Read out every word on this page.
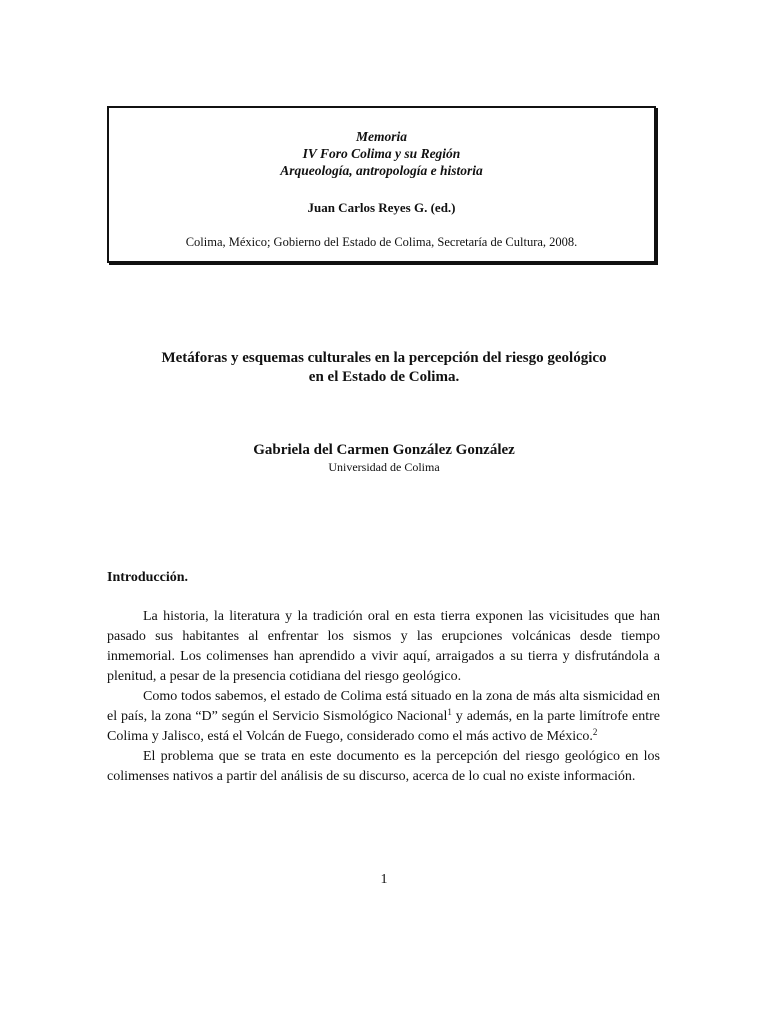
Memoria
IV Foro Colima y su Región
Arqueología, antropología e historia
Juan Carlos Reyes G. (ed.)
Colima, México; Gobierno del Estado de Colima, Secretaría de Cultura, 2008.
Metáforas y esquemas culturales en la percepción del riesgo geológico
en el Estado de Colima.
Gabriela del Carmen González González
Universidad de Colima
Introducción.

La historia, la literatura y la tradición oral en esta tierra exponen las vicisitudes que han pasado sus habitantes al enfrentar los sismos y las erupciones volcánicas desde tiempo inmemorial. Los colimenses han aprendido a vivir aquí, arraigados a su tierra y disfrutándola a plenitud, a pesar de la presencia cotidiana del riesgo geológico.

Como todos sabemos, el estado de Colima está situado en la zona de más alta sismicidad en el país, la zona “D” según el Servicio Sismológico Nacional$^1$ y además, en la parte limítrofe entre Colima y Jalisco, está el Volcán de Fuego, considerado como el más activo de México.$^2$

El problema que se trata en este documento es la percepción del riesgo geológico en los colimenses nativos a partir del análisis de su discurso, acerca de lo cual no existe información.

1
